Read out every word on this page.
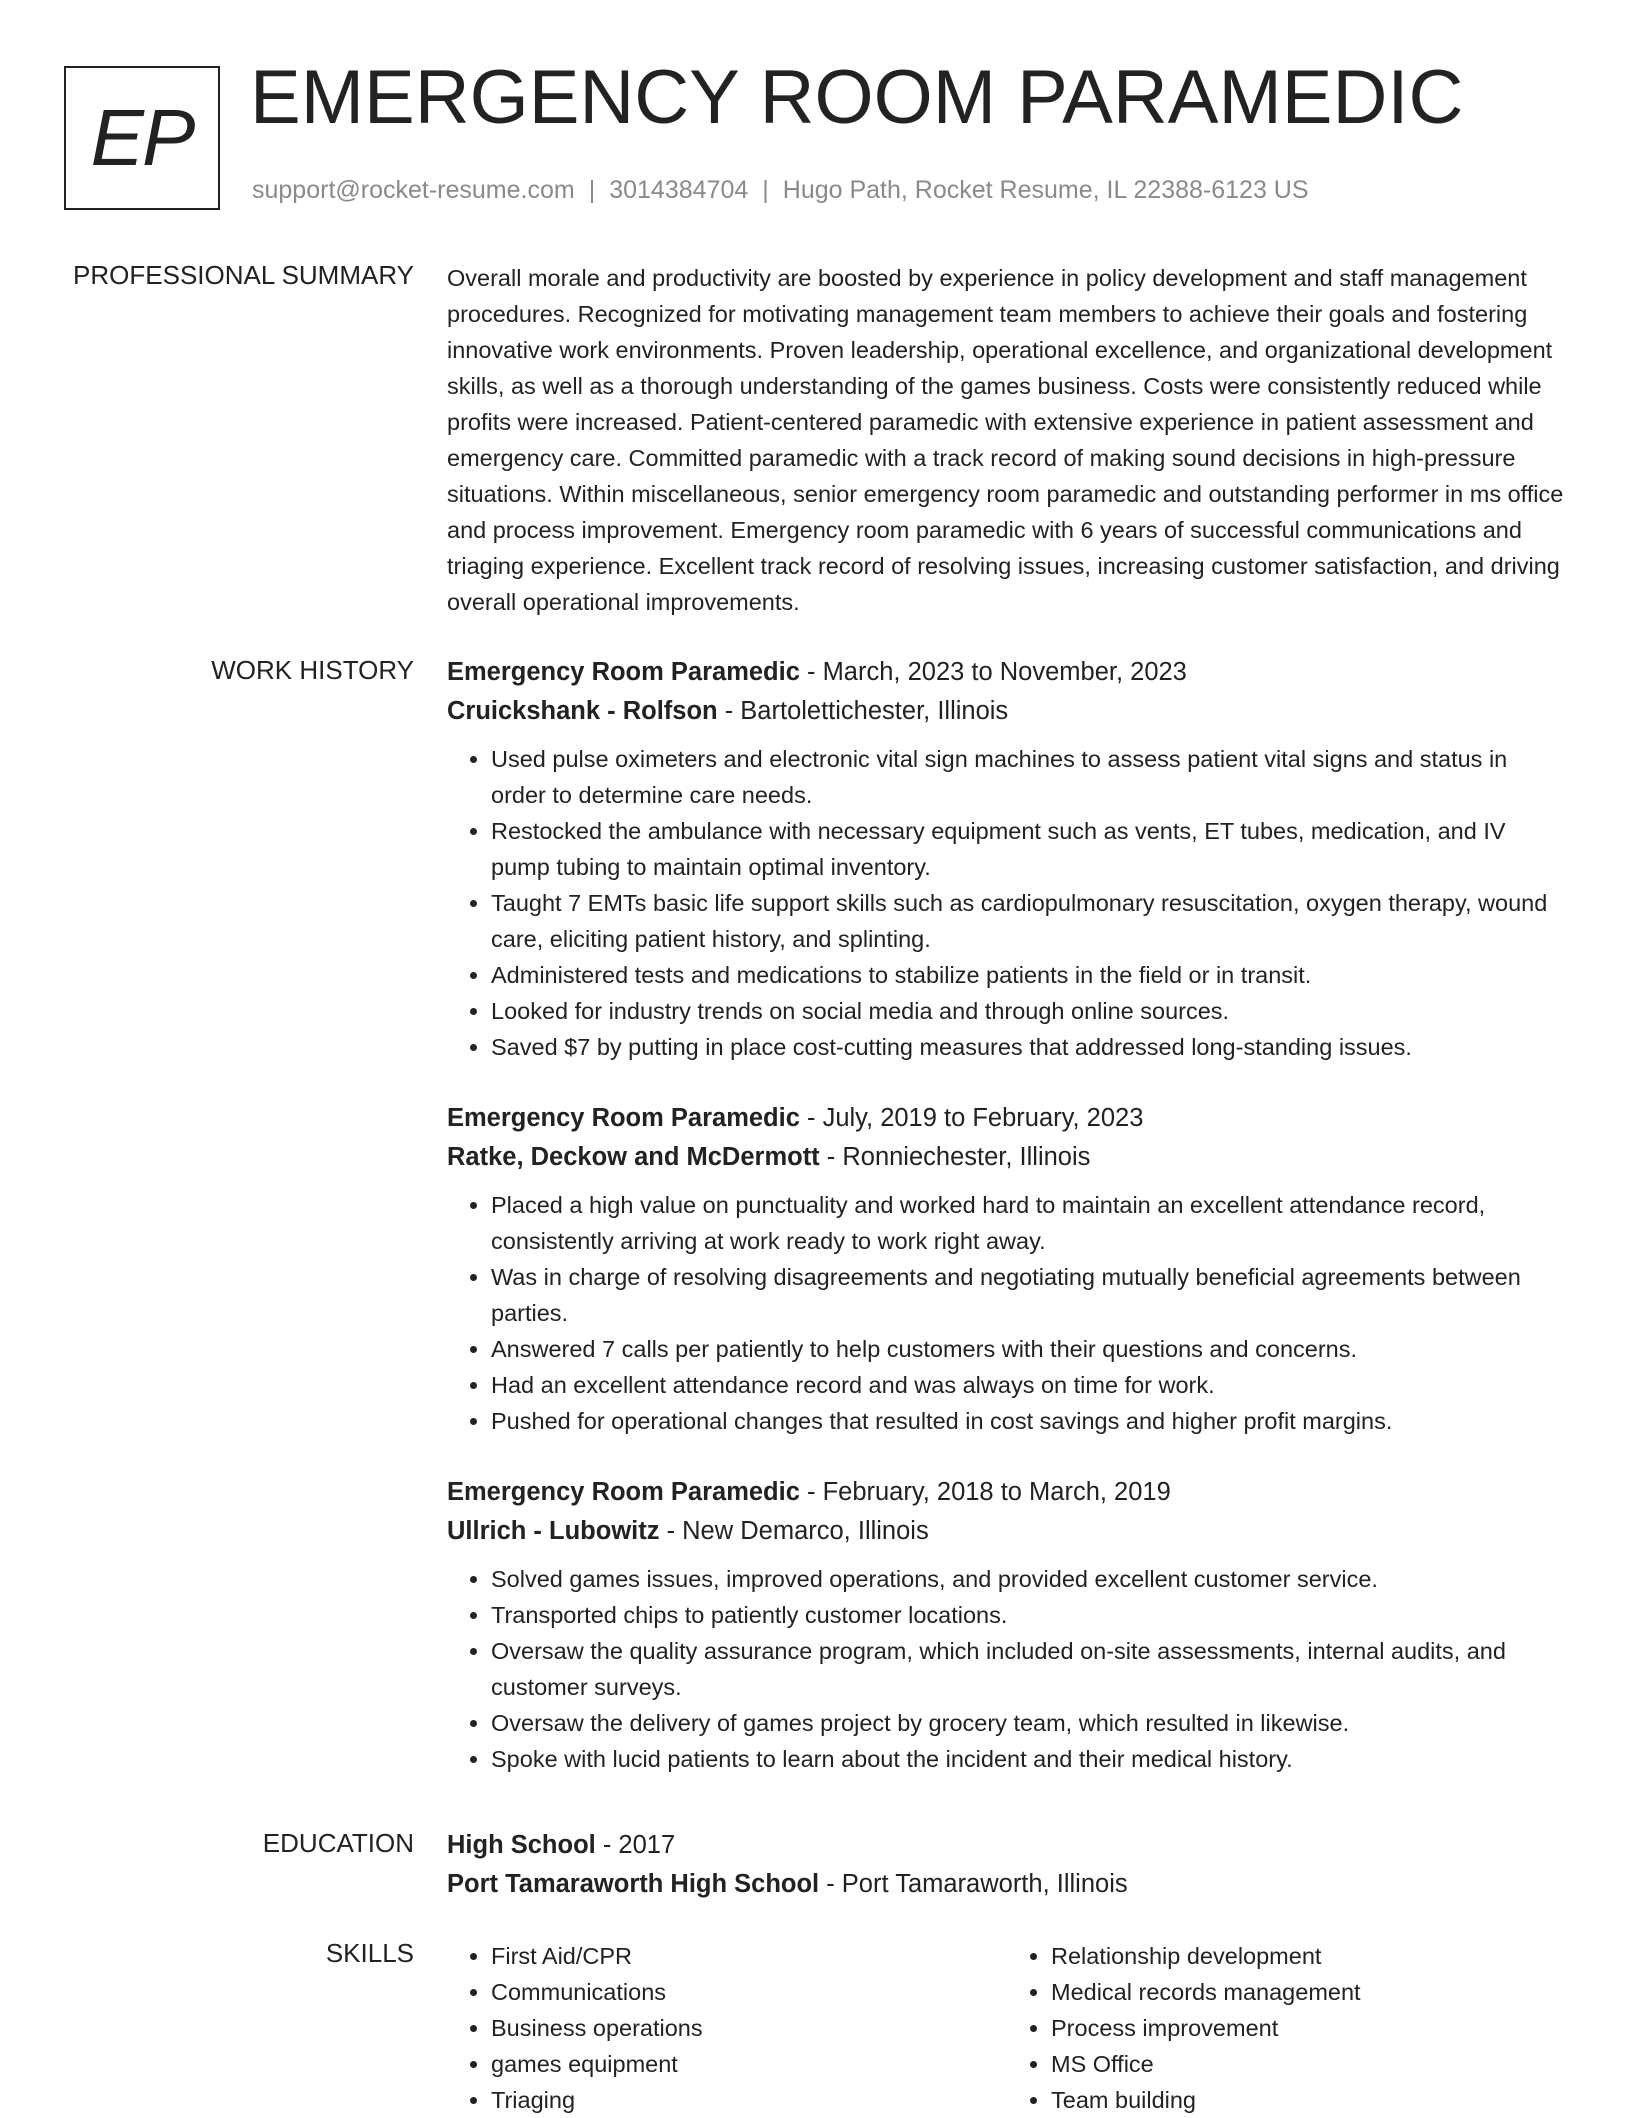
EP EMERGENCY ROOM PARAMEDIC
support@rocket-resume.com | 3014384704 | Hugo Path, Rocket Resume, IL 22388-6123 US
PROFESSIONAL SUMMARY Overall morale and productivity are boosted by experience in policy development and staff management procedures. Recognized for motivating management team members to achieve their goals and fostering innovative work environments. Proven leadership, operational excellence, and organizational development skills, as well as a thorough understanding of the games business. Costs were consistently reduced while profits were increased. Patient-centered paramedic with extensive experience in patient assessment and emergency care. Committed paramedic with a track record of making sound decisions in high-pressure situations. Within miscellaneous, senior emergency room paramedic and outstanding performer in ms office and process improvement. Emergency room paramedic with 6 years of successful communications and triaging experience. Excellent track record of resolving issues, increasing customer satisfaction, and driving overall operational improvements.
WORK HISTORY Emergency Room Paramedic - March, 2023 to November, 2023
Cruickshank - Rolfson - Bartolettichester, Illinois
• Used pulse oximeters and electronic vital sign machines to assess patient vital signs and status in order to determine care needs.
• Restocked the ambulance with necessary equipment such as vents, ET tubes, medication, and IV pump tubing to maintain optimal inventory.
• Taught 7 EMTs basic life support skills such as cardiopulmonary resuscitation, oxygen therapy, wound care, eliciting patient history, and splinting.
• Administered tests and medications to stabilize patients in the field or in transit.
• Looked for industry trends on social media and through online sources.
• Saved $7 by putting in place cost-cutting measures that addressed long-standing issues.
Emergency Room Paramedic - July, 2019 to February, 2023
Ratke, Deckow and McDermott - Ronniechester, Illinois
• Placed a high value on punctuality and worked hard to maintain an excellent attendance record, consistently arriving at work ready to work right away.
• Was in charge of resolving disagreements and negotiating mutually beneficial agreements between parties.
• Answered 7 calls per patiently to help customers with their questions and concerns.
• Had an excellent attendance record and was always on time for work.
• Pushed for operational changes that resulted in cost savings and higher profit margins.
Emergency Room Paramedic - February, 2018 to March, 2019
Ullrich - Lubowitz - New Demarco, Illinois
• Solved games issues, improved operations, and provided excellent customer service.
• Transported chips to patiently customer locations.
• Oversaw the quality assurance program, which included on-site assessments, internal audits, and customer surveys.
• Oversaw the delivery of games project by grocery team, which resulted in likewise.
• Spoke with lucid patients to learn about the incident and their medical history.
EDUCATION High School - 2017
Port Tamaraworth High School - Port Tamaraworth, Illinois
SKILLS
•	First Aid/CPR
• Communications
• Business operations
• games equipment
• Triaging
• Relationship development
• Medical records management
• Process improvement
• MS Office
• Team building
